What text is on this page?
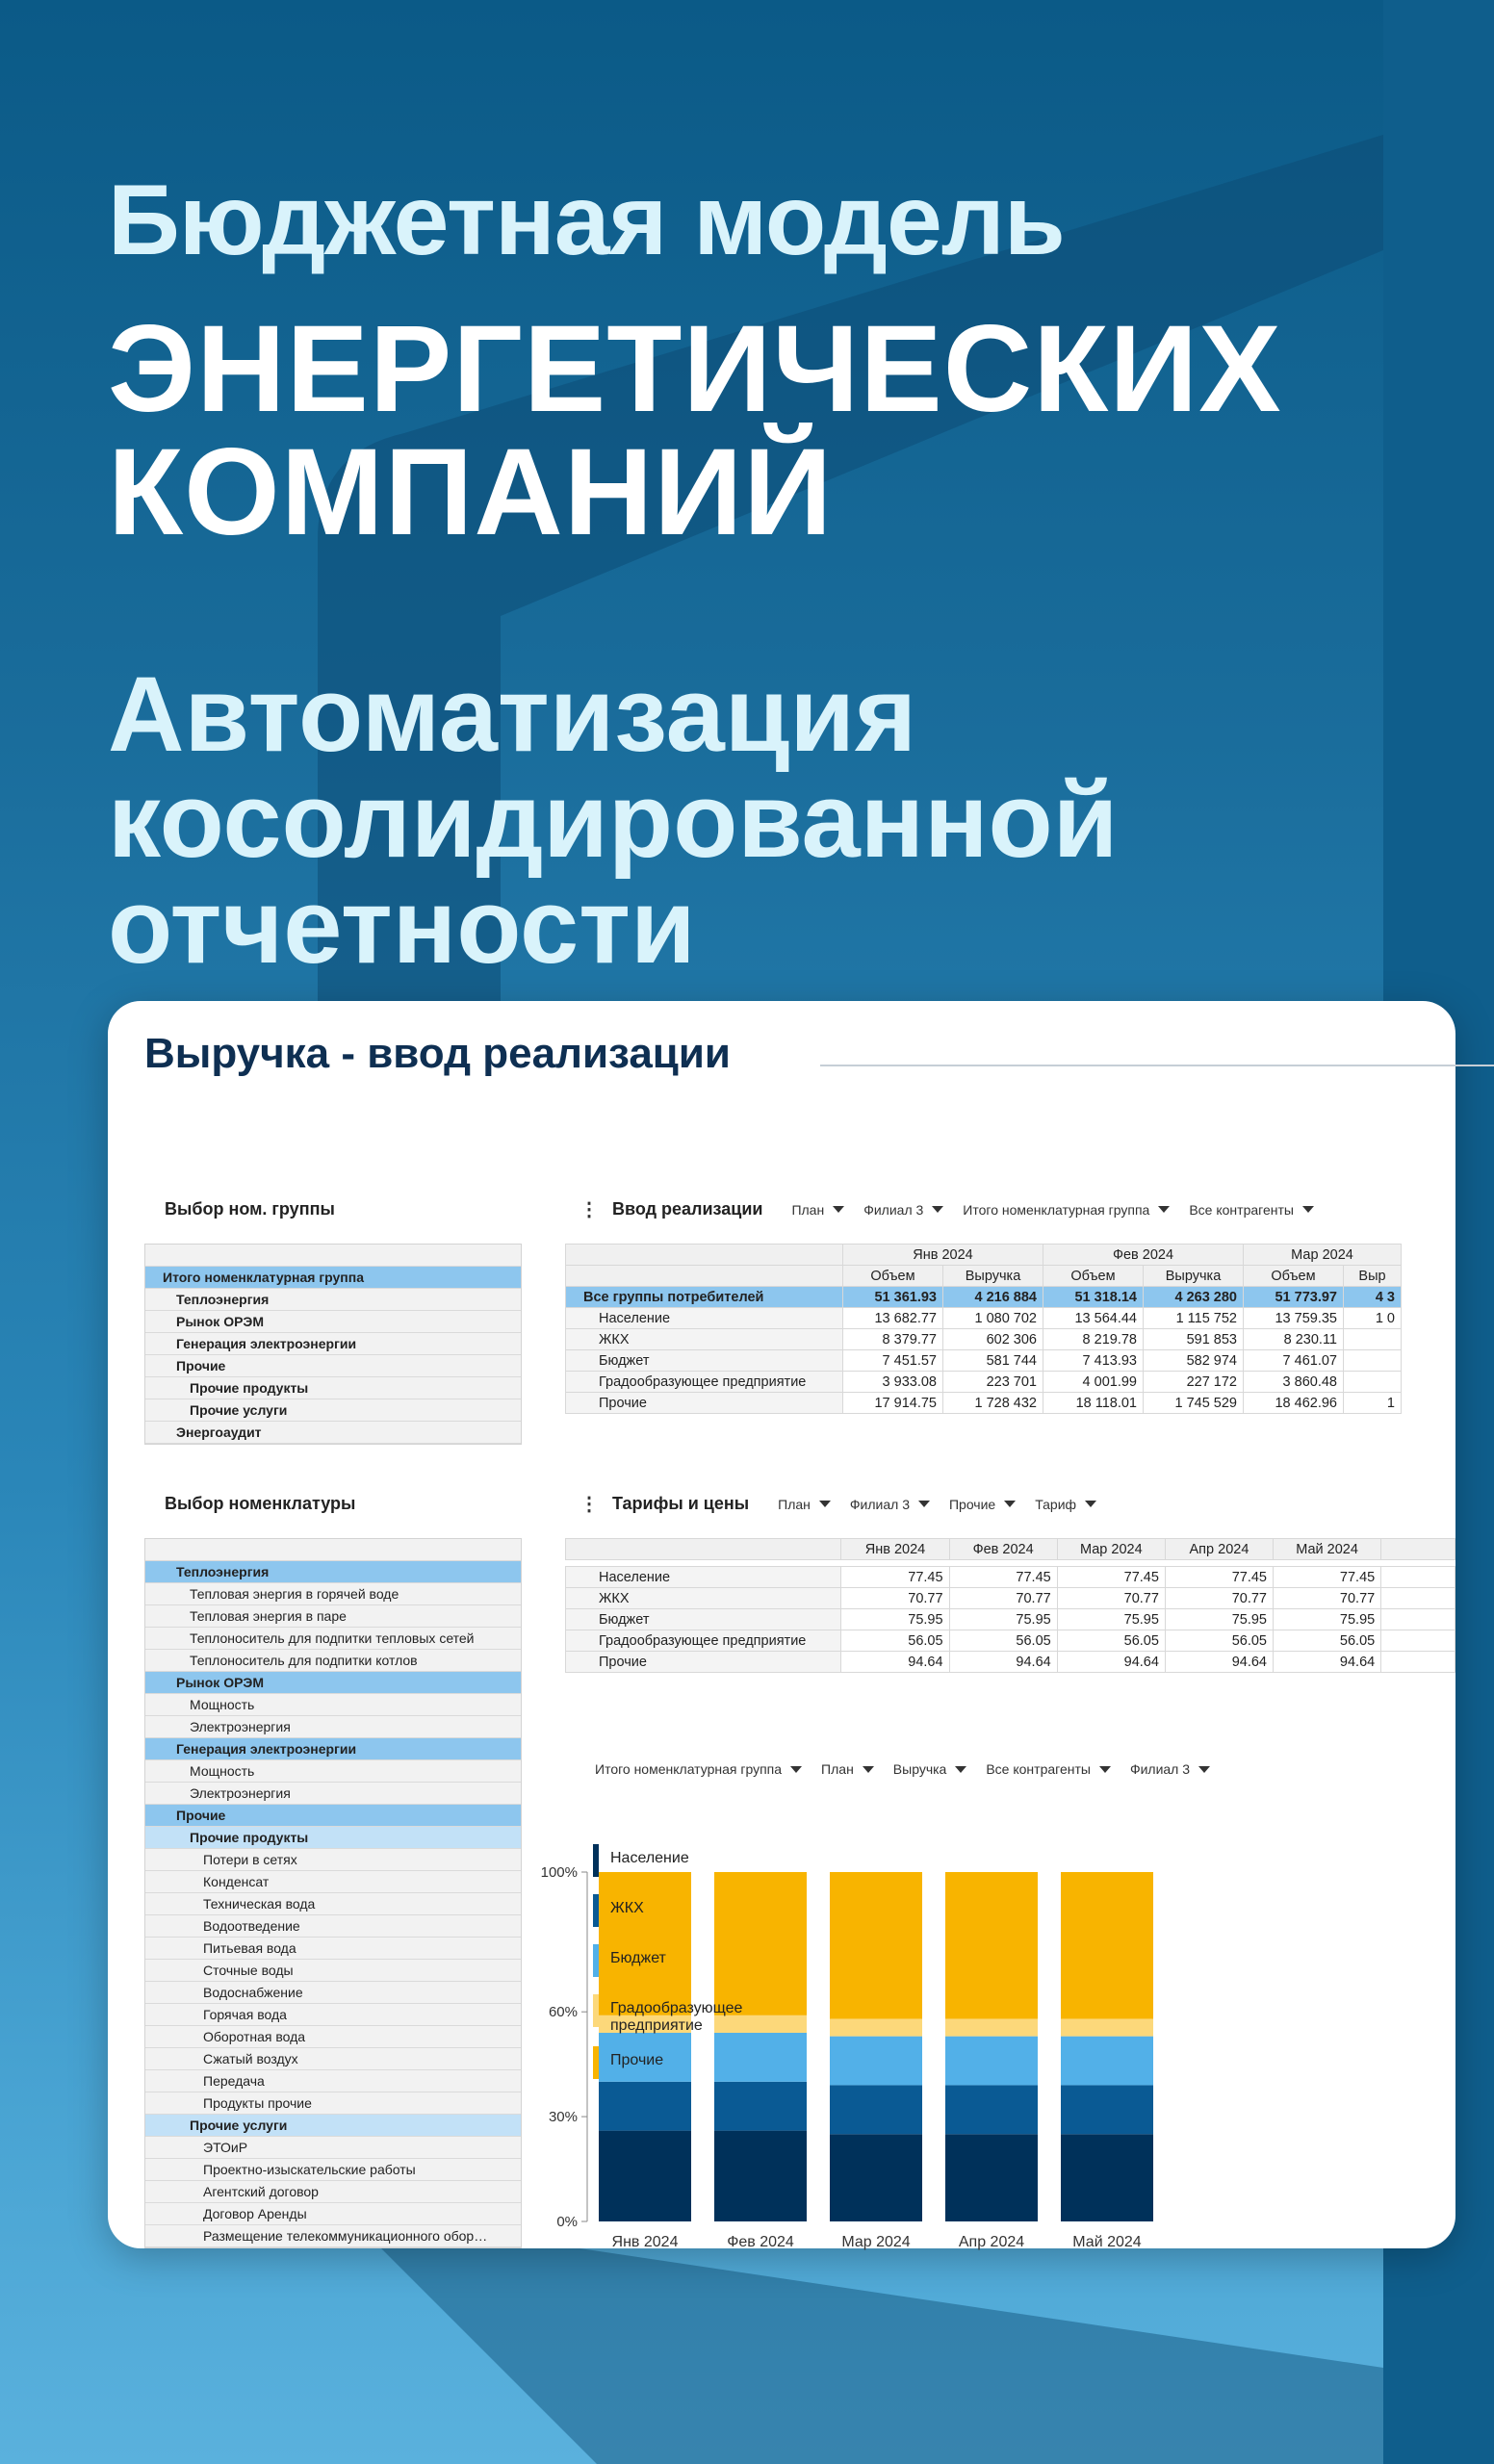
Бюджетная модель
ЭНЕРГЕТИЧЕСКИХ
КОМПАНИЙ
Автоматизация
косолидированной
отчетности
Выручка - ввод реализации
Выбор ном. группы
Итого номенклатурная группа
Теплоэнергия
Рынок ОРЭМ
Генерация электроэнергии
Прочие
Прочие продукты
Прочие услуги
Энергоаудит
⋮ Ввод реализации План	Филиал 3	Итого номенклатурная группа	Все контрагенты
	Янв 2024		Фев 2024		Мар 2024	
	Объем	Выручка	Объем	Выручка	Объем	Выр
Все группы потребителей	51 361.93	4 216 884	51 318.14	4 263 280	51 773.97	4 3
Население	13 682.77	1 080 702	13 564.44	1 115 752	13 759.35	1 0
ЖКХ	8 379.77	602 306	8 219.78	591 853	8 230.11	
Бюджет	7 451.57	581 744	7 413.93	582 974	7 461.07	
Градообразующее предприятие	3 933.08	223 701	4 001.99	227 172	3 860.48	
Прочие	17 914.75	1 728 432	18 118.01	1 745 529	18 462.96	1
Выбор номенклатуры
Теплоэнергия
Тепловая энергия в горячей воде
Тепловая энергия в паре
Теплоноситель для подпитки тепловых сетей
Теплоноситель для подпитки котлов
Рынок ОРЭМ
Мощность
Электроэнергия
Генерация электроэнергии
Мощность
Электроэнергия
Прочие
Прочие продукты
Потери в сетях
Конденсат
Техническая вода
Водоотведение
Питьевая вода
Сточные воды
Водоснабжение
Горячая вода
Оборотная вода
Сжатый воздух
Передача
Продукты прочие
Прочие услуги
ЭТОиР
Проектно-изыскательские работы
Агентский договор
Договор Аренды
Размещение телекоммуникационного обор…
⋮ Тарифы и цены План	Филиал 3	Прочие	Тариф
	Янв 2024	Фев 2024	Мар 2024	Апр 2024	Май 2024	

Население	77.45	77.45	77.45	77.45	77.45	
ЖКХ	70.77	70.77	70.77	70.77	70.77	
Бюджет	75.95	75.95	75.95	75.95	75.95	
Градообразующее предприятие	56.05	56.05	56.05	56.05	56.05	
Прочие	94.64	94.64	94.64	94.64	94.64	
Итого номенклатурная группа	План	Выручка	Все контрагенты	Филиал 3
0%
30%
60%
100%
Янв 2024	Фев 2024	Мар 2024	Апр 2024	Май 2024
Население
ЖКХ
Бюджет
Градообразующее предприятие
Прочие
